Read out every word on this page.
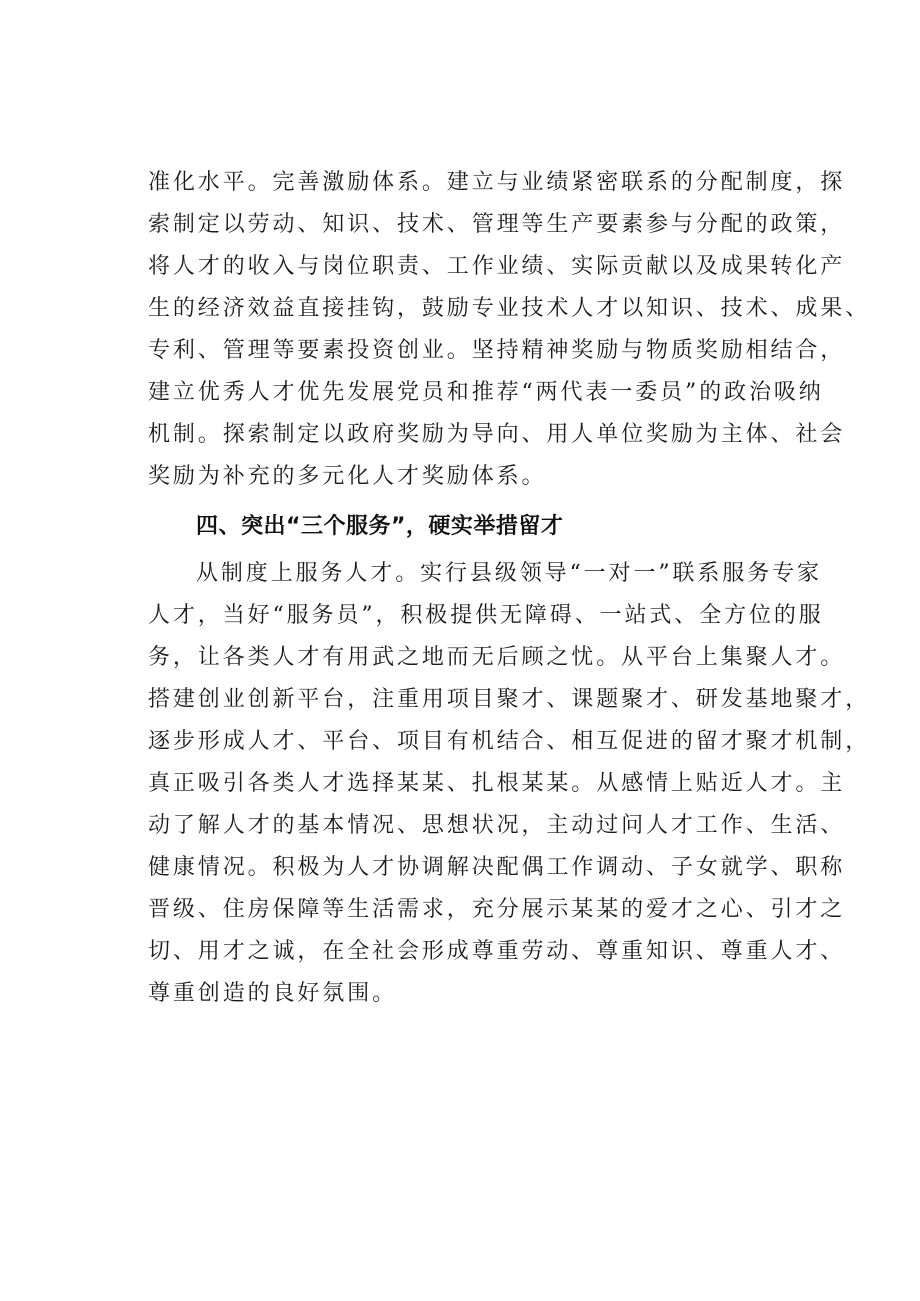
准化水平。完善激励体系。建立与业绩紧密联系的分配制度，探

索制定以劳动、知识、技术、管理等生产要素参与分配的政策，

将人才的收入与岗位职责、工作业绩、实际贡献以及成果转化产

生的经济效益直接挂钩，鼓励专业技术人才以知识、技术、成果、

专利、管理等要素投资创业。坚持精神奖励与物质奖励相结合，

建立优秀人才优先发展党员和推荐“两代表一委员”的政治吸纳

机制。探索制定以政府奖励为导向、用人单位奖励为主体、社会

奖励为补充的多元化人才奖励体系。

四、突出“三个服务”，硬实举措留才

从制度上服务人才。实行县级领导“一对一”联系服务专家

人才，当好“服务员”，积极提供无障碍、一站式、全方位的服

务，让各类人才有用武之地而无后顾之忧。从平台上集聚人才。

搭建创业创新平台，注重用项目聚才、课题聚才、研发基地聚才，

逐步形成人才、平台、项目有机结合、相互促进的留才聚才机制，

真正吸引各类人才选择某某、扎根某某。从感情上贴近人才。主

动了解人才的基本情况、思想状况，主动过问人才工作、生活、

健康情况。积极为人才协调解决配偶工作调动、子女就学、职称

晋级、住房保障等生活需求，充分展示某某的爱才之心、引才之

切、用才之诚，在全社会形成尊重劳动、尊重知识、尊重人才、

尊重创造的良好氛围。
